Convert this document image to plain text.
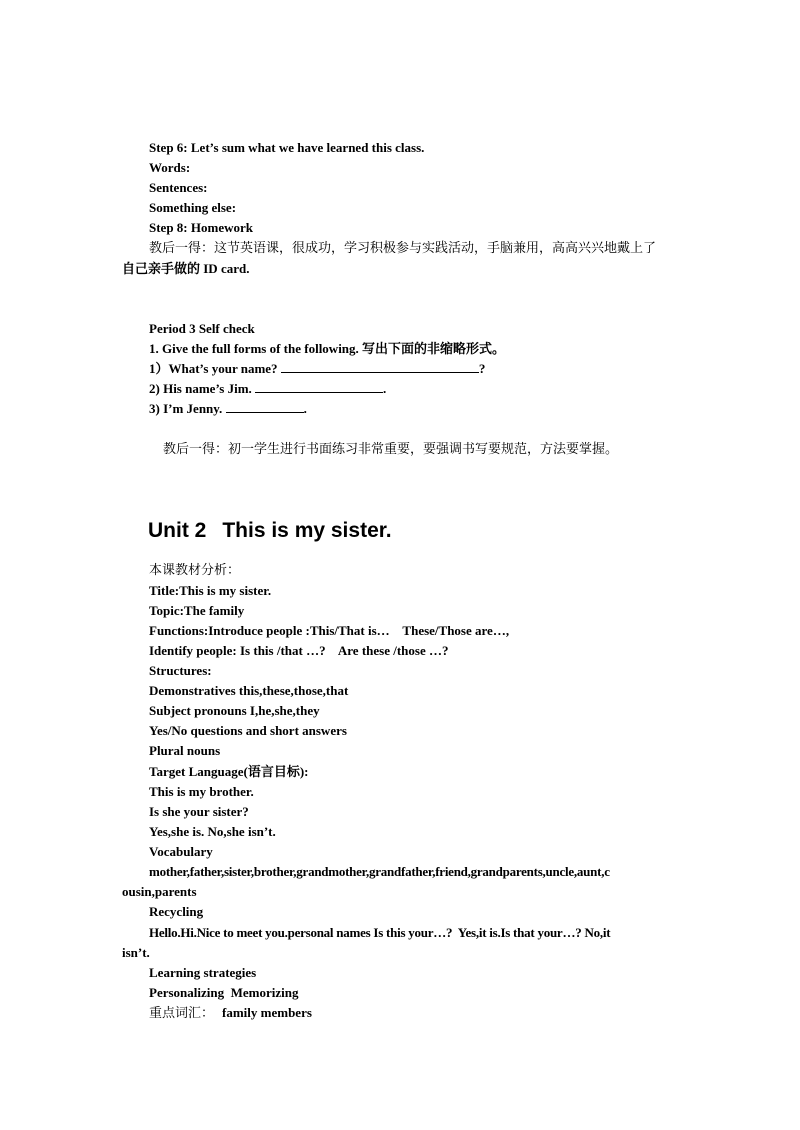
Step 6: Let’s sum what we have learned this class.
Words:
Sentences:
Something else:
Step 8: Homework
教后一得：这节英语课，很成功，学习积极参与实践活动，手脑兼用，高高兴兴地戴上了
自己亲手做的 ID card.
Period 3 Self check
1. Give the full forms of the following. 写出下面的非缩略形式。
1）What’s your name?	?
2) His name’s Jim.	.
3) I’m Jenny.	.
教后一得：初一学生进行书面练习非常重要，要强调书写要规范，方法要掌握。
Unit 2 This is my sister.
本课教材分析：
Title:This is my sister.
Topic:The family
Functions:Introduce people :This/That is…    These/Those are…,
Identify people: Is this /that …?    Are these /those …?
Structures:
Demonstratives this,these,those,that
Subject pronouns I,he,she,they
Yes/No questions and short answers
Plural nouns
Target Language(语言目标):
This is my brother.
Is she your sister?
Yes,she is. No,she isn’t.
Vocabulary
mother,father,sister,brother,grandmother,grandfather,friend,grandparents,uncle,aunt,c
ousin,parents
Recycling
Hello.Hi.Nice to meet you.personal names Is this your…?  Yes,it is.Is that your…? No,it
isn’t.
Learning strategies
Personalizing  Memorizing
重点词汇： family members
